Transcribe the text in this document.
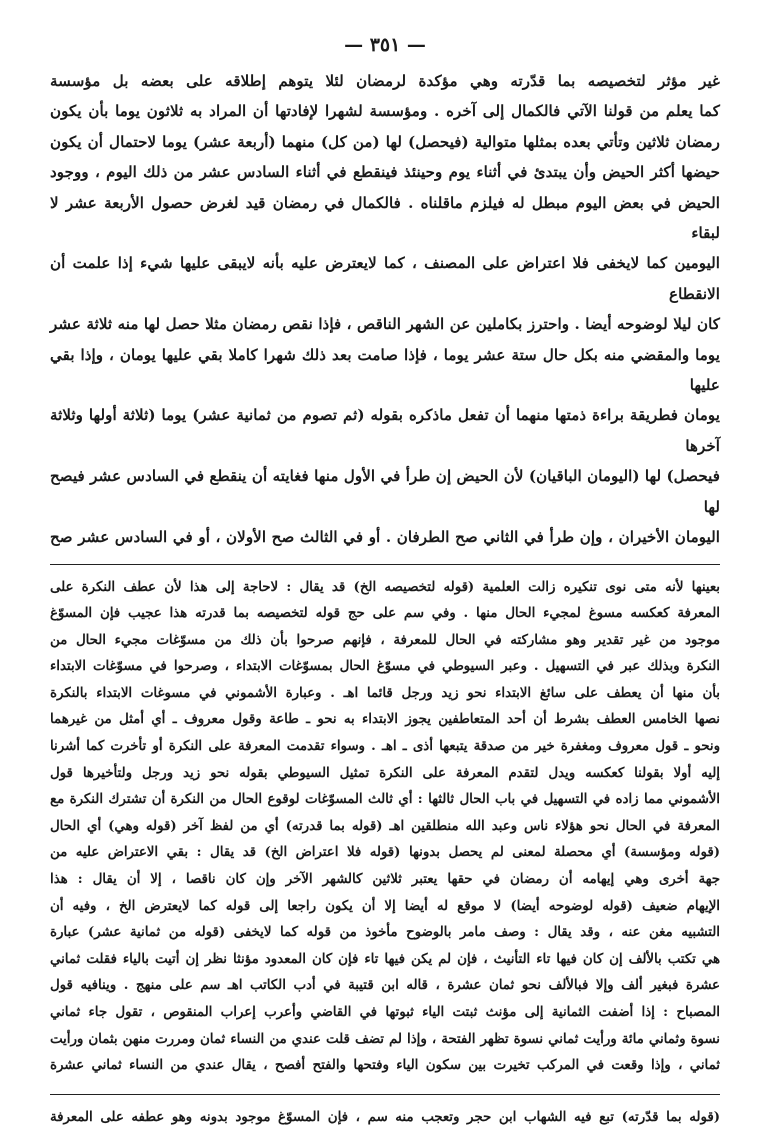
— ٣٥١ —

غير مؤثر لتخصيصه بما قدّرته وهي مؤكدة لرمضان لئلا يتوهم إطلاقه على بعضه بل مؤسسة

كما يعلم من قولنا الآتي فالكمال إلى آخره . ومؤسسة لشهرا لإفادتها أن المراد به ثلاثون يوما بأن يكون

رمضان ثلاثين وتأتي بعده بمثلها متوالية (فيحصل) لها (من كل) منهما (أربعة عشر) يوما لاحتمال أن يكون

حيضها أكثر الحيض وأن يبتدئ في أثناء يوم وحينئذ فينقطع في أثناء السادس عشر من ذلك اليوم ، ووجود

الحيض في بعض اليوم مبطل له فيلزم ماقلناه . فالكمال في رمضان قيد لغرض حصول الأربعة عشر لا لبقاء

اليومين كما لايخفى فلا اعتراض على المصنف ، كما لايعترض عليه بأنه لايبقى عليها شيء إذا علمت أن الانقطاع

كان ليلا لوضوحه أيضا . واحترز بكاملين عن الشهر الناقص ، فإذا نقص رمضان مثلا حصل لها منه ثلاثة عشر

يوما والمقضي منه بكل حال ستة عشر يوما ، فإذا صامت بعد ذلك شهرا كاملا بقي عليها يومان ، وإذا بقي عليها

يومان فطريقة براءة ذمتها منهما أن تفعل ماذكره بقوله (ثم تصوم من ثمانية عشر) يوما (ثلاثة أولها وثلاثة آخرها

فيحصل) لها (اليومان الباقيان) لأن الحيض إن طرأ في الأول منها فغايته أن ينقطع في السادس عشر فيصح لها

اليومان الأخيران ، وإن طرأ في الثاني صح الطرفان . أو في الثالث صح الأولان ، أو في السادس عشر صح

بعينها لأنه متى نوى تنكيره زالت العلمية (قوله لتخصيصه الخ) قد يقال : لاحاجة إلى هذا لأن عطف النكرة على

المعرفة كعكسه مسوغ لمجيء الحال منها . وفي سم على حج قوله لتخصيصه بما قدرته هذا عجيب فإن المسوّغ

موجود من غير تقدير وهو مشاركته في الحال للمعرفة ، فإنهم صرحوا بأن ذلك من مسوّغات مجيء الحال من

النكرة وبذلك عبر في التسهيل . وعبر السيوطي في مسوّغ الحال بمسوّغات الابتداء ، وصرحوا في مسوّغات الابتداء

بأن منها أن يعطف على سائغ الابتداء نحو زيد ورجل قائما اهـ . وعبارة الأشموني في مسوغات الابتداء بالنكرة

نصها الخامس العطف بشرط أن أحد المتعاطفين يجوز الابتداء به نحو ـ طاعة وقول معروف ـ أي أمثل من غيرهما

ونحو ـ قول معروف ومغفرة خير من صدقة يتبعها أذى ـ اهـ . وسواء تقدمت المعرفة على النكرة أو تأخرت كما أشرنا

إليه أولا بقولنا كعكسه ويدل لتقدم المعرفة على النكرة تمثيل السيوطي بقوله نحو زيد ورجل ولتأخيرها قول

الأشموني مما زاده في التسهيل في باب الحال ثالثها : أي ثالث المسوّغات لوقوع الحال من النكرة أن تشترك النكرة مع

المعرفة في الحال نحو هؤلاء ناس وعبد الله منطلقين اهـ (قوله بما قدرته) أي من لفظ آخر (قوله وهي) أي الحال

(قوله ومؤسسة) أي محصلة لمعنى لم يحصل بدونها (قوله فلا اعتراض الخ) قد يقال : بقي الاعتراض عليه من

جهة أخرى وهي إيهامه أن رمضان في حقها يعتبر ثلاثين كالشهر الآخر وإن كان ناقصا ، إلا أن يقال : هذا

الإيهام ضعيف (قوله لوضوحه أيضا) لا موقع له أيضا إلا أن يكون راجعا إلى قوله كما لايعترض الخ ، وفيه أن

التشبيه مغن عنه ، وقد يقال : وصف مامر بالوضوح مأخوذ من قوله كما لايخفى (قوله من ثمانية عشر) عبارة

هي تكتب بالألف إن كان فيها تاء التأنيث ، فإن لم يكن فيها تاء فإن كان المعدود مؤنثا نظر إن أتيت بالياء فقلت ثماني

عشرة فبغير ألف وإلا فبالألف نحو ثمان عشرة ، قاله ابن قتيبة في أدب الكاتب اهـ سم على منهج . وينافيه قول

المصباح : إذا أضفت الثمانية إلى مؤنث ثبتت الياء ثبوتها في القاضي وأعرب إعراب المنقوص ، تقول جاء ثماني

نسوة وثماني مائة ورأيت ثماني نسوة تظهر الفتحة ، وإذا لم تضف قلت عندي من النساء ثمان ومررت منهن بثمان ورأيت

ثماني ، وإذا وقعت في المركب تخيرت بين سكون الياء وفتحها والفتح أفصح ، يقال عندي من النساء ثماني عشرة

(قوله بما قدّرته) تبع فيه الشهاب ابن حجر وتعجب منه سم ، فإن المسوّغ موجود بدونه وهو عطفه على المعرفة
